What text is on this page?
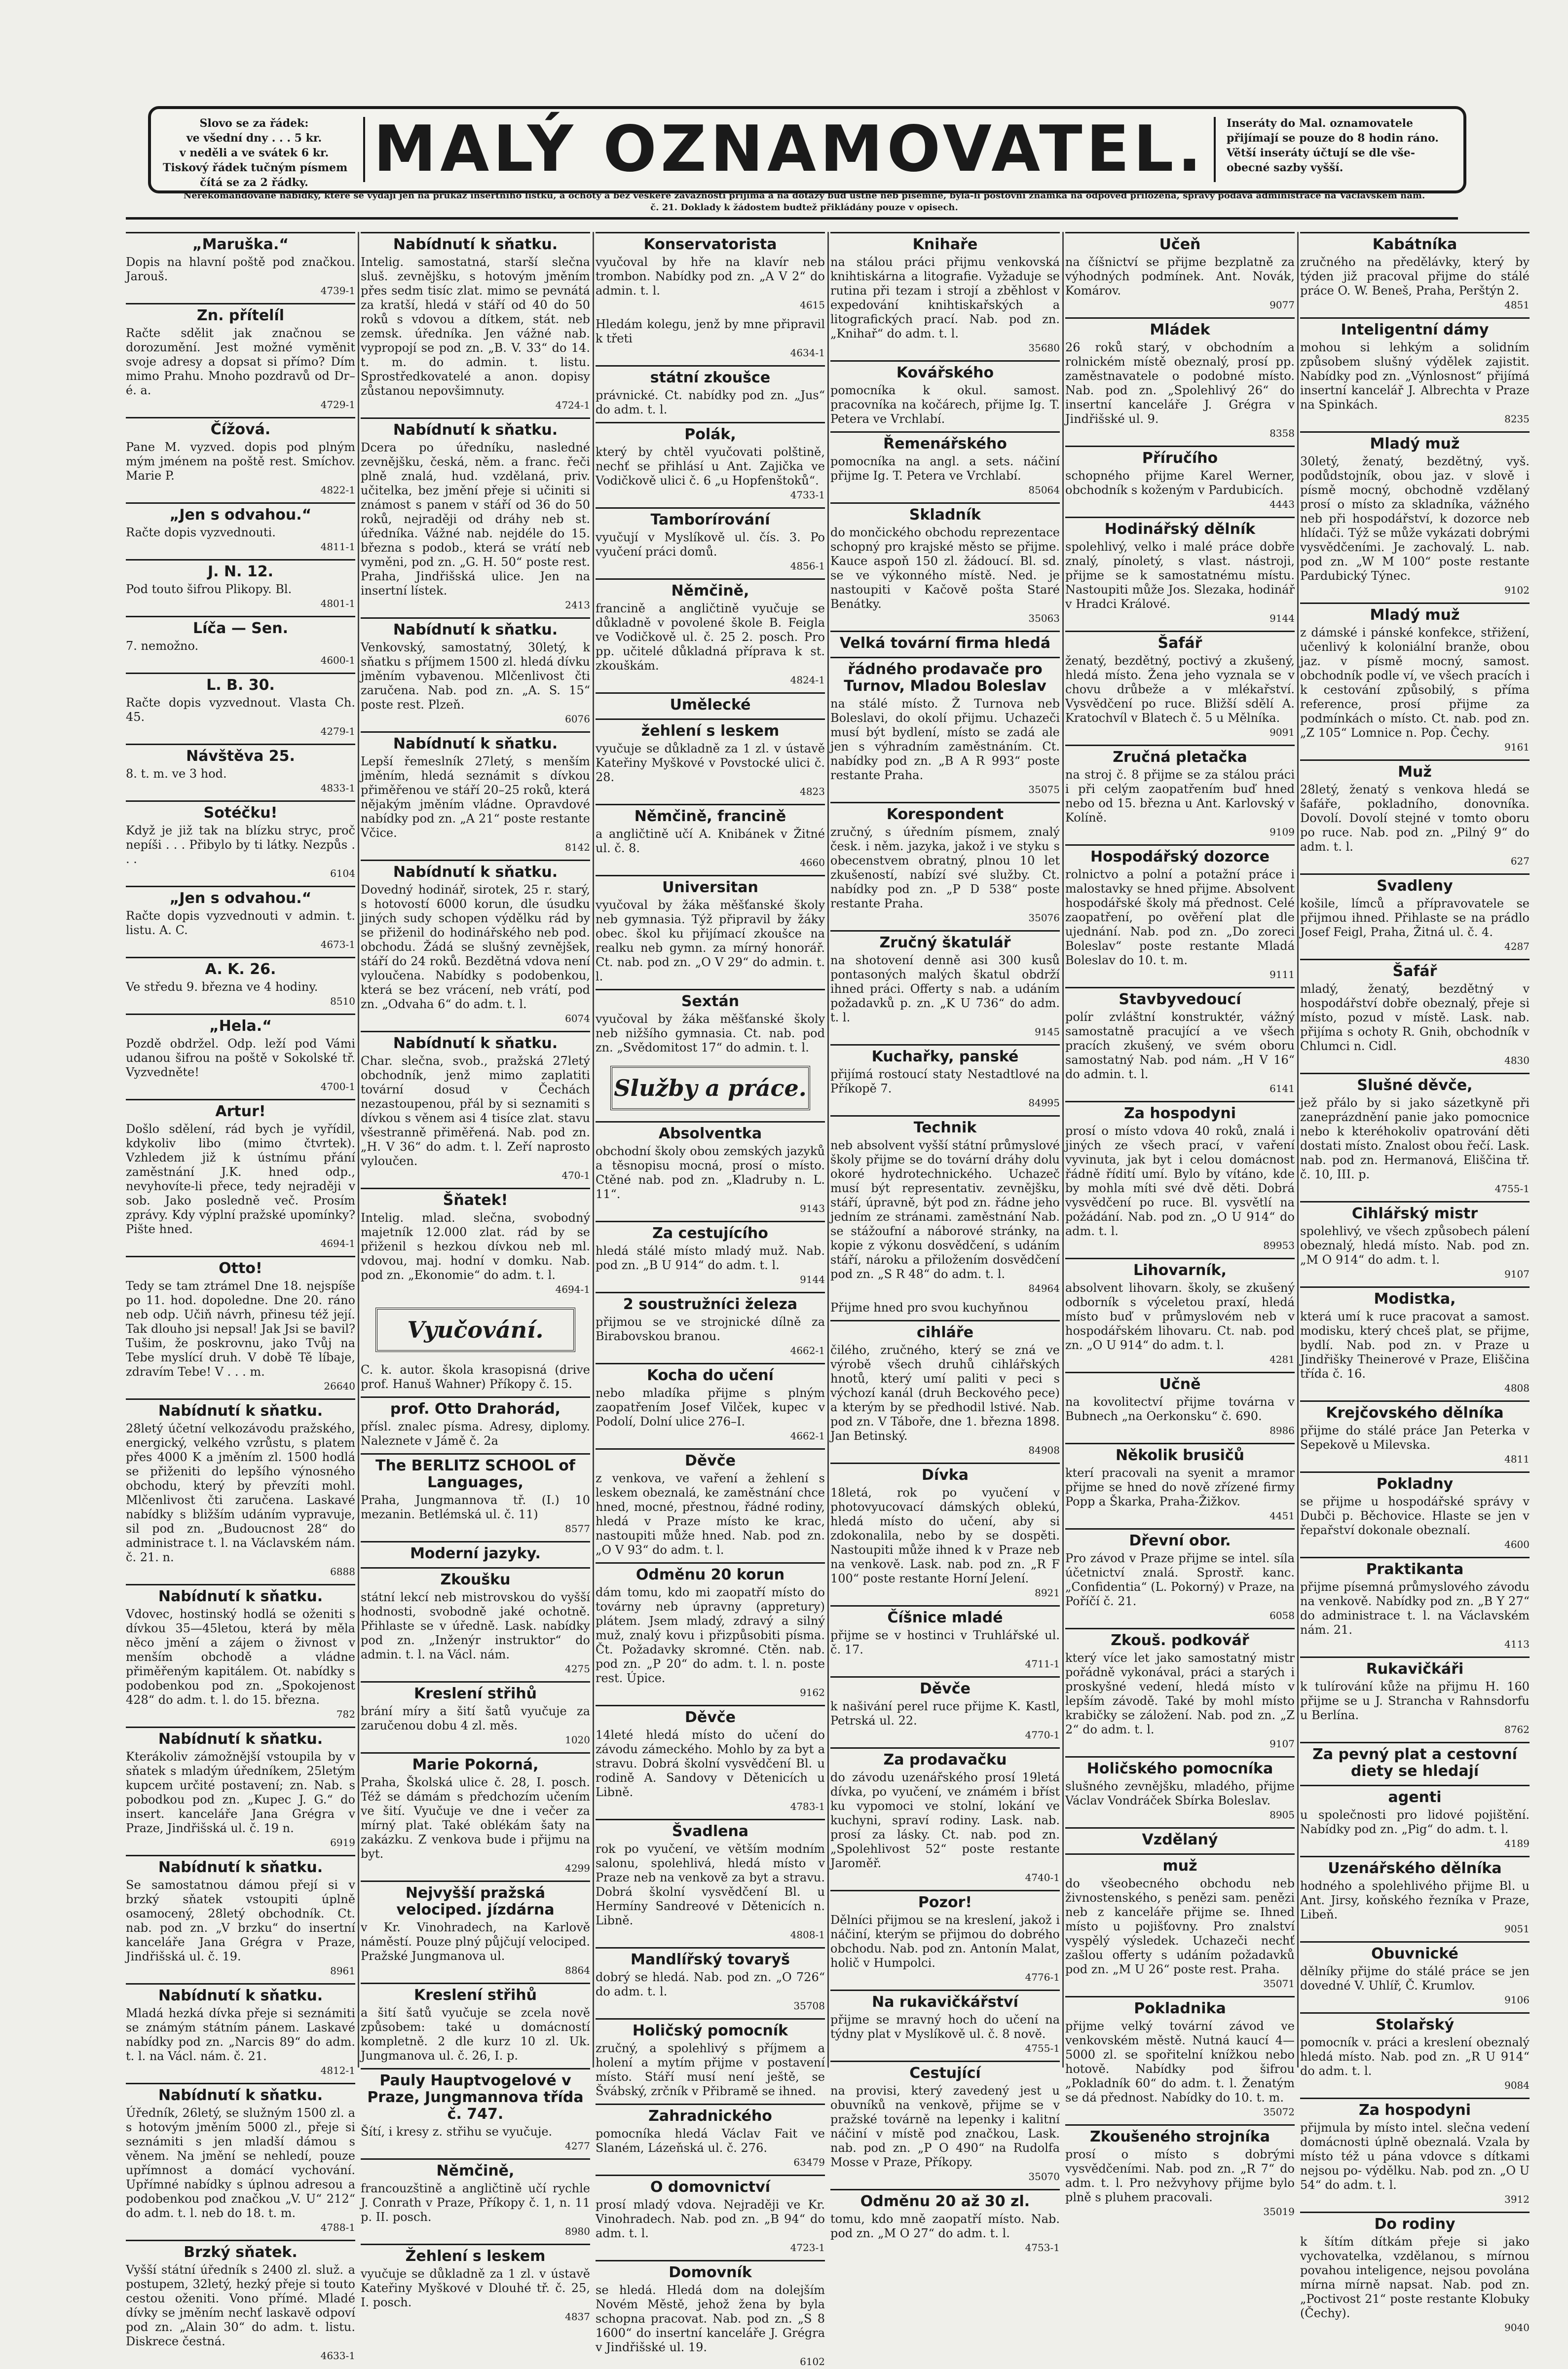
Slovo se za řádek:
ve všední dny . . . 5 kr.
v neděli a ve svátek 6 kr.
Tiskový řádek tučným písmem
čítá se za 2 řádky.	MALÝ OZNAMOVATEL.	Inseráty do Mal. oznamovatele
přijímají se pouze do 8 hodin ráno.
Větší inseráty účtují se dle vše-
obecné sazby vyšší.
Nerekomandované nabídky, které se vydají jen na průkaz insertního lístku, a ochoty a bez veškeré závaznosti přijímá a na dotazy buď ústně neb písemně, byla-li poštovní známka na odpověď přiložena, správy podává administrace na Václavském nám. č. 21. Doklady k žádostem budtež přikládány pouze v opisech.
„Maruška.“
Dopis na hlavní poště pod značkou. Jarouš.
4739-1
Zn. přítelíl
Račte sdělit jak značnou se dorozumění. Jest možné vyměnit svoje adresy a dopsat si přímo? Dím mimo Prahu. Mnoho pozdravů od Dr–é. a.
4729-1
Čížová.
Pane M. vyzved. dopis pod plným mým jménem na poště rest. Smíchov. Marie P.
4822-1
„Jen s odvahou.“
Račte dopis vyzvednouti.
4811-1
J. N. 12.
Pod touto šifrou Plikopy. Bl.
4801-1
Líča — Sen.
7. nemožno.
4600-1
L. B. 30.
Račte dopis vyzvednout. Vlasta Ch. 45.
4279-1
Návštěva 25.
8. t. m. ve 3 hod.
4833-1
Sotéčku!
Když je již tak na blízku stryc, proč nepíši . . . Přibylo by ti látky. Nezpůs . . .
6104
„Jen s odvahou.“
Račte dopis vyzvednouti v admin. t. listu. A. C.
4673-1
A. K. 26.
Ve středu 9. března ve 4 hodiny.
8510
„Hela.“
Pozdě obdržel. Odp. leží pod Vámi udanou šifrou na poště v Sokolské tř. Vyzvedněte!
4700-1
Artur!
Došlo sdělení, rád bych je vyřídil, kdykoliv libo (mimo čtvrtek). Vzhledem již k ústnímu přání zaměstnání J.K. hned odp., nevyhovíte-li přece, tedy nejraději v sob. Jako posledně več. Prosím zprávy. Kdy výplní pražské upomínky? Pište hned.
4694-1
Otto!
Tedy se tam ztrámel Dne 18. nejspíše po 11. hod. dopoledne. Dne 20. ráno neb odp. Učiň návrh, přinesu též její. Tak dlouho jsi nepsal! Jak Jsi se bavil? Tušim, že poskrovnu, jako Tvůj na Tebe myslící druh. V době Tě líbaje, zdravím Tebe! V . . . m.
26640
Nabídnutí k sňatku.
28letý účetní velkozávodu pražského, energický, velkého vzrůstu, s platem přes 4000 K a jměním zl. 1500 hodlá se přiženiti do lepšího výnosného obchodu, který by převzíti mohl. Mlčenlivost čti zaručena. Laskavé nabídky s bližším udáním vypravuje, sil pod zn. „Budoucnost 28“ do administrace t. l. na Václavském nám. č. 21. n.
6888
Nabídnutí k sňatku.
Vdovec, hostinský hodlá se oženiti s dívkou 35—45letou, která by měla něco jmění a zájem o živnost v menším obchodě a vládne přiměřeným kapitálem. Ot. nabídky s podobenkou pod zn. „Spokojenost 428“ do adm. t. l. do 15. března.
782
Nabídnutí k sňatku.
Kterákoliv zámožnější vstoupila by v sňatek s mladým úředníkem, 25letým kupcem určité postavení; zn. Nab. s pobodkou pod zn. „Kupec J. G.“ do insert. kanceláře Jana Grégra v Praze, Jindřišská ul. č. 19 n.
6919
Nabídnutí k sňatku.
Se samostatnou dámou přejí si v brzký sňatek vstoupiti úplně osamocený, 28letý obchodník. Ct. nab. pod zn. „V brzku“ do insertní kanceláře Jana Grégra v Praze, Jindřišská ul. č. 19.
8961
Nabídnutí k sňatku.
Mladá hezká dívka přeje si seznámiti se známým státním pánem. Laskavé nabídky pod zn. „Narcis 89“ do adm. t. l. na Václ. nám. č. 21.
4812-1
Nabídnutí k sňatku.
Úředník, 26letý, se služným 1500 zl. a s hotovým jměním 5000 zl., přeje si seznámiti s jen mladší dámou s věnem. Na jmění se nehledí, pouze upřímnost a domácí vychování. Upřímné nabídky s úplnou adresou a podobenkou pod značkou „V. U“ 212“ do adm. t. l. neb do 18. t. m.
4788-1
Brzký sňatek.
Vyšší státní úředník s 2400 zl. služ. a postupem, 32letý, hezký přeje si touto cestou oženiti. Vono přímé. Mladé dívky se jměním nechť laskavě odpoví pod zn. „Alain 30“ do adm. t. listu. Diskrece čestná.
4633-1
Nabídnutí k sňatku.
Intelig. samostatná, starší slečna sluš. zevnějšku, s hotovým jměním přes sedm tisíc zlat. mimo se pevnátá za kratší, hledá v stáří od 40 do 50 roků s vdovou a dítkem, stát. neb zemsk. úředníka. Jen vážné nab. vypropojí se pod zn. „B. V. 33“ do 14. t. m. do admin. t. listu. Sprostředkovatelé a anon. dopisy zůstanou nepovšimnuty.
4724-1
Nabídnutí k sňatku.
Dcera po úředníku, nasledné zevnějšku, česká, něm. a franc. řeči plně znalá, hud. vzdělaná, priv. učitelka, bez jmění přeje si učiniti si známost s panem v stáří od 36 do 50 roků, nejraději od dráhy neb st. úředníka. Vážné nab. nejdéle do 15. března s podob., která se vrátí neb vyměni, pod zn. „G. H. 50“ poste rest. Praha, Jindřišská ulice. Jen na insertní lístek.
2413
Nabídnutí k sňatku.
Venkovský, samostatný, 30letý, k sňatku s příjmem 1500 zl. hledá dívku jměním vybavenou. Mlčenlivost čti zaručena. Nab. pod zn. „A. S. 15“ poste rest. Plzeň.
6076
Nabídnutí k sňatku.
Lepší řemeslník 27letý, s menším jměním, hledá seznámit s dívkou přiměřenou ve stáří 20–25 roků, která nějakým jměním vládne. Opravdové nabídky pod zn. „A 21“ poste restante Včice.
8142
Nabídnutí k sňatku.
Dovedný hodinář, sirotek, 25 r. starý, s hotovostí 6000 korun, dle úsudku jiných sudy schopen výdělku rád by se přiženil do hodinářského neb pod. obchodu. Žádá se slušný zevnějšek, stáří do 24 roků. Bezdětná vdova není vyloučena. Nabídky s podobenkou, která se bez vrácení, neb vrátí, pod zn. „Odvaha 6“ do adm. t. l.
6074
Nabídnutí k sňatku.
Char. slečna, svob., pražská 27letý obchodník, jenž mimo zaplatiti tovární dosud v Čechách nezastoupenou, přál by si seznamiti s dívkou s věnem asi 4 tisíce zlat. stavu všestranně přiměřená. Nab. pod zn. „H. V 36“ do adm. t. l. Zeří naprosto vyloučen.
470-1
Šňatek!
Intelig. mlad. slečna, svobodný majetník 12.000 zlat. rád by se přiženil s hezkou dívkou neb ml. vdovou, maj. hodní v domku. Nab. pod zn. „Ekonomie“ do adm. t. l.
4694-1
Vyučování.
C. k. autor. škola krasopisná (drive prof. Hanuš Wahner) Příkopy č. 15.
prof. Otto Drahorád,
přísl. znalec písma. Adresy, diplomy. Naleznete v Jámě č. 2a
The BERLITZ SCHOOL of Languages,
Praha, Jungmannova tř. (I.) 10 mezanin. Betlémská ul. č. 11)
8577
Moderní jazyky.
Zkoušku
státní lekcí neb mistrovskou do vyšší hodnosti, svobodně jaké ochotně. Přihlaste se v úředně. Lask. nabídky pod zn. „Inženýr instruktor“ do admin. t. l. na Václ. nám.
4275
Kreslení střihů
brání míry a šití šatů vyučuje za zaručenou dobu 4 zl. měs.
1020
Marie Pokorná,
Praha, Školská ulice č. 28, I. posch. Též se dámám s předchozím učením ve šití. Vyučuje ve dne i večer za mírný plat. Také oblékám šaty na zakázku. Z venkova bude i přijmu na byt.
4299
Nejvyšší pražská velociped. jízdárna
v Kr. Vinohradech, na Karlově náměstí. Pouze plný půjčují velociped. Pražské Jungmanova ul.
8864
Kreslení střihů
a šití šatů vyučuje se zcela nově způsobem: také u domácností kompletně. 2 dle kurz 10 zl. Uk. Jungmanova ul. č. 26, I. p.
Pauly Hauptvogelové v Praze, Jungmannova třída č. 747.
Šítí, i kresy z. střihu se vyučuje.
4277
Němčině,
francouzštině a angličtině učí rychle J. Conrath v Praze, Příkopy č. 1, n. 11 p. II. posch.
8980
Žehlení s leskem
vyučuje se důkladně za 1 zl. v ústavě Kateřiny Myškové v Dlouhé tř. č. 25, I. posch.
4837
Konservatorista
vyučoval by hře na klavír neb trombon. Nabídky pod zn. „A V 2“ do admin. t. l.
4615
Hledám kolegu, jenž by mne připravil k třeti
4634-1
státní zkoušce
právnické. Ct. nabídky pod zn. „Jus“ do adm. t. l.
Polák,
který by chtěl vyučovati polštině, nechť se přihlásí u Ant. Zajička ve Vodičkově ulici č. 6 „u Hopfenštoků“.
4733-1
Tamborírování
vyučují v Myslíkově ul. čís. 3. Po vyučení práci domů.
4856-1
Němčině,
francině a angličtině vyučuje se důkladně v povolené škole B. Feigla ve Vodičkově ul. č. 25 2. posch. Pro pp. učitelé důkladná příprava k st. zkouškám.
4824-1
Umělecké
žehlení s leskem
vyučuje se důkladně za 1 zl. v ústavě Kateřiny Myškové v Povstocké ulici č. 28.
4823
Němčině, francině
a angličtině učí A. Knibánek v Žitné ul. č. 8.
4660
Universitan
vyučoval by žáka měšťanské školy neb gymnasia. Týž připravil by žáky obec. škol ku přijímací zkoušce na realku neb gymn. za mírný honorář. Ct. nab. pod zn. „O V 29“ do admin. t. l.
Sextán
vyučoval by žáka měšťanské školy neb nižšího gymnasia. Ct. nab. pod zn. „Svědomitost 17“ do admin. t. l.
Služby a práce.
Absolventka
obchodní školy obou zemských jazyků a těsnopisu mocná, prosí o místo. Ctěné nab. pod zn. „Kladruby n. L. 11“.
9143
Za cestujícího
hledá stálé místo mladý muž. Nab. pod zn. „B U 914“ do adm. t. l.
9144
2 soustružníci železa
přijmou se ve strojnické dílně za Birabovskou branou.
4662-1
Kocha do učení
nebo mladíka přijme s plným zaopatřením Josef Vilček, kupec v Podolí, Dolní ulice 276–I.
4662-1
Děvče
z venkova, ve vaření a žehlení s leskem obeznalá, ke zaměstnání chce hned, mocné, přestnou, řádné rodiny, hledá v Praze místo ke krac, nastoupiti může hned. Nab. pod zn. „O V 93“ do adm. t. l.
Odměnu 20 korun
dám tomu, kdo mi zaopatří místo do továrny neb úpravny (appretury) plátem. Jsem mladý, zdravý a silný muž, znalý kovu i přizpůsobiti písma. Čt. Požadavky skromné. Ctěn. nab. pod zn. „P 20“ do adm. t. l. n. poste rest. Úpice.
9162
Děvče
14leté hledá místo do učení do závodu zámeckého. Mohlo by za byt a stravu. Dobrá školní vysvědčení Bl. u rodině A. Sandovy v Dětenicích u Libně.
4783-1
Švadlena
rok po vyučení, ve větším modním salonu, spolehlivá, hledá místo v Praze neb na venkově za byt a stravu. Dobrá školní vysvědčení Bl. u Hermíny Sandreové v Dětenicích n. Libně.
4808-1
Mandlířský tovaryš
dobrý se hledá. Nab. pod zn. „O 726“ do adm. t. l.
35708
Holičský pomocník
zručný, a spolehlivý s příjmem a holení a mytím přijme v postavení místo. Stáří musí není ještě, se Švábský, zrčník v Přibramě se ihned.
Zahradnického
pomocníka hledá Václav Fait ve Slaném, Lázeňská ul. č. 276.
63479
O domovnictví
prosí mladý vdova. Nejraději ve Kr. Vinohradech. Nab. pod zn. „B 94“ do adm. t. l.
4723-1
Domovník
se hledá. Hledá dom na dolejším Novém Městě, jehož žena by byla schopna pracovat. Nab. pod zn. „S 8 1600“ do insertní kanceláře J. Grégra v Jindřišské ul. 19.
6102
Knihaře
na stálou práci přijmu venkovská knihtiskárna a litografie. Vyžaduje se rutina při tezam i strojí a zběhlost v expedování knihtiskařských a litografických prací. Nab. pod zn. „Knihař“ do adm. t. l.
35680
Kovářského
pomocníka k okul. samost. pracovníka na kočárech, přijme Ig. T. Peterа ve Vrchlabí.
Řemenářského
pomocníka na angl. a sets. náčiní přijme Ig. T. Petera ve Vrchlabí.
85064
Skladník
do mončického obchodu reprezentace schopný pro krajské město se přijme. Kauce aspoň 150 zl. žádoucí. Bl. sd. se ve výkonného místě. Ned. je nastoupiti v Kačově pošta Staré Benátky.
35063
Velká tovární firma hledá
řádného prodavače pro Turnov, Mladou Boleslav
na stálé místo. Ž Turnova neb Boleslavi, do okolí přijmu. Uchazeči musí být bydlení, místo se zadá ale jen s výhradním zaměstnáním. Ct. nabídky pod zn. „B A R 993“ poste restante Praha.
35075
Korespondent
zručný, s úředním písmem, znalý česk. i něm. jazyka, jakož i ve styku s obecenstvem obratný, plnou 10 let zkušeností, nabízí své služby. Ct. nabídky pod zn. „P D 538“ poste restante Praha.
35076
Zručný škatulář
na shotovení denně asi 300 kusů pontasoných malých škatul obdrží ihned práci. Offerty s nab. a udáním požadavků p. zn. „K U 736“ do adm. t. l.
9145
Kuchařky, panské
přijímá rostoucí staty Nestadtlové na Příkopě 7.
84995
Technik
neb absolvent vyšší státní průmyslové školy přijme se do tovární dráhy dolu okoré hydrotechnického. Uchazeč musí být representativ. zevnějšku, stáří, úpravně, být pod zn. řádne jeho jedním ze stránami. zaměstnání Nab. se stážoufní a náborové stránky, na kopie z výkonu dosvědčení, s udáním stáří, nároku a přiložením dosvědčení pod zn. „S R 48“ do adm. t. l.
84964
Přijme hned pro svou kuchyňnou
cihláře
čilého, zručného, který se zná ve výrobě všech druhů cihlářských hnotů, který umí paliti v peci s výchozí kanál (druh Beckového pece) a kterým by se předhodil lstivé. Nab. pod zn. V Táboře, dne 1. března 1898. Jan Betinský.
84908
Dívka
18letá, rok po vyučení v photovyucovací dámských oblekú, hledá místo do učení, aby si zdokonalila, nebo by se dospěti. Nastoupiti může ihned k v Praze neb na venkově. Lask. nab. pod zn. „R F 100“ poste restante Horní Jelení.
8921
Číšnice mladé
přijme se v hostinci v Truhlářské ul. č. 17.
4711-1
Děvče
k našivání perel ruce přijme K. Kastl, Petrská ul. 22.
4770-1
Za prodavačku
do závodu uzenářského prosí 19letá dívka, po vyučení, ve známém i bříst ku vypomoci ve stolní, lokání ve kuchyni, spraví rodiny. Lask. nab. prosí za lásky. Ct. nab. pod zn. „Spolehlivost 52“ poste restante Jaroměř.
4740-1
Pozor!
Dělníci přijmou se na kreslení, jakož i náčiní, kterým se přijmou do dobrého obchodu. Nab. pod zn. Antonín Malat, holič v Humpolci.
4776-1
Na rukavičkářství
přijme se mravný hoch do učení na týdny plat v Myslíkově ul. č. 8 nově.
4755-1
Cestující
na provisi, který zavedený jest u obuvníků na venkově, přijme se v pražské továrně na lepenky i kalitní náčiní v místě pod značkou, Lask. nab. pod zn. „P O 490“ na Rudolfa Mosse v Praze, Příkopy.
35070
Odměnu 20 až 30 zl.
tomu, kdo mně zaopatří místo. Nab. pod zn. „M O 27“ do adm. t. l.
4753-1
Učeň
na číšnictví se přijme bezplatně za výhodných podmínek. Ant. Novák, Komárov.
9077
Mládek
26 roků starý, v obchodním a rolnickém místě obeznalý, prosí pp. zaměstnavatele o podobné místo. Nab. pod zn. „Spolehlivý 26“ do insertní kanceláře J. Grégra v Jindřišské ul. 9.
8358
Příručího
schopného přijme Karel Werner, obchodník s koženým v Pardubicích.
4443
Hodinářský dělník
spolehlivý, velko i malé práce dobře znalý, pínoletý, s vlast. nástroji, přijme se k samostatnému místu. Nastoupiti může Jos. Slezaka, hodinář v Hradci Králové.
9144
Šafář
ženatý, bezdětný, poctivý a zkušený, hledá místo. Žena jeho vyznala se v chovu drůbeže a v mlékařství. Vysvědčení po ruce. Bližší sdělí A. Kratochvíl v Blatech č. 5 u Mělníka.
9091
Zručná pletačka
na stroj č. 8 přijme se za stálou práci i při celým zaopatřením buď hned nebo od 15. března u Ant. Karlovský v Kolíně.
9109
Hospodářský dozorce
rolnictvo a polní a potažní práce i malostavky se hned přijme. Absolvent hospodářské školy má přednost. Celé zaopatření, po ověření plat dle ujednání. Nab. pod zn. „Do zoreci Boleslav“ poste restante Mladá Boleslav do 10. t. m.
9111
Stavbyvedoucí
polír zvláštní konstruktér, vážný samostatně pracující a ve všech pracích zkušený, ve svém oboru samostatný Nab. pod nám. „H V 16“ do admin. t. l.
6141
Za hospodyni
prosí o místo vdova 40 roků, znalá i jiných ze všech prací, v vaření vyvinuta, jak byt i celou domácnost řádně řídití umí. Bylo by vítáno, kde by mohla míti své dvě děti. Dobrá vysvědčení po ruce. Bl. vysvětlí na požádání. Nab. pod zn. „O U 914“ do adm. t. l.
89953
Lihovarník,
absolvent lihovarn. školy, se zkušený odborník s výceletou praxí, hledá místo buď v průmyslovém neb v hospodářském lihovaru. Ct. nab. pod zn. „O U 914“ do adm. t. l.
4281
Učně
na kovolitectví přijme továrna v Bubnech „na Oerkonsku“ č. 690.
8986
Několik brusičů
kterí pracovali na syenit a mramor přijme se hned do nově zřízené firmy Popp a Škarka, Praha-Žižkov.
4451
Dřevní obor.
Pro závod v Praze přijme se intel. síla účetnictví znalá. Sprostř. kanc. „Confidentia“ (L. Pokorný) v Praze, na Poříčí č. 21.
6058
Zkouš. podkovář
který více let jako samostatný mistr pořádně vykonával, práci a starých i proskyšné vedení, hledá místo v lepším závodě. Také by mohl místo krabičky se záložení. Nab. pod zn. „Z 2“ do adm. t. l.
9107
Holičského pomocníka
slušného zevnějšku, mladého, přijme Václav Vondráček Sbírka Boleslav.
8905
Vzdělaný
muž
do všeobecného obchodu neb živnostenského, s penězi sam. penězi neb z kanceláře přijme se. Ihned místo u pojišťovny. Pro znalství vyspělý výsledek. Uchazeči nechť zašlou offerty s udáním požadavků pod zn. „M U 26“ poste rest. Praha.
35071
Pokladnika
přijme velký tovární závod ve venkovském městě. Nutná kaucí 4—5000 zl. se spořitelní knížkou nebo hotově. Nabídky pod šifrou „Pokladník 60“ do adm. t. l. Ženatým se dá přednost. Nabídky do 10. t. m.
35072
Zkoušeného strojníka
prosí o místo s dobrými vysvědčeními. Nab. pod zn. „R 7“ do adm. t. l. Pro nežvyhovy přijme bylo plně s pluhem pracovali.
35019
Kabátníka
zručného na předělávky, který by týden již pracoval přijme do stálé práce O. W. Beneš, Praha, Perštýn 2.
4851
Inteligentní dámy
mohou si lehkým a solidním způsobem slušný výdělek zajistit. Nabídky pod zn. „Výnlosnost“ přijímá insertní kancelář J. Albrechta v Praze na Spinkách.
8235
Mladý muž
30letý, ženatý, bezdětný, vyš. podůdstojník, obou jaz. v slově i písmě mocný, obchodně vzdělaný prosí o místo za skladníka, vážného neb při hospodářství, k dozorce neb hlídači. Týž se může vykázati dobrými vysvědčeními. Je zachovalý. L. nab. pod zn. „W M 100“ poste restante Pardubický Týnec.
9102
Mladý muž
z dámské i pánské konfekce, střižení, učenlivý k koloniální branže, obou jaz. v písmě mocný, samost. obchodník podle ví, ve všech pracích i k cestování způsobilý, s příma reference, prosí přijme za podmínkách o místo. Ct. nab. pod zn. „Z 105“ Lomnice n. Pop. Čechy.
9161
Muž
28letý, ženatý s venkova hledá se šafáře, pokladního, donovníka. Dovolí. Dovolí stejné v tomto oboru po ruce. Nab. pod zn. „Pilný 9“ do adm. t. l.
627
Svadleny
košile, límců a přípravovatele se přijmou ihned. Přihlaste se na prádlo Josef Feigl, Praha, Žitná ul. č. 4.
4287
Šafář
mladý, ženatý, bezdětný v hospodářství dobře obeznalý, přeje si místo, pozud v místě. Lask. nab. přijíma s ochoty R. Gnih, obchodník v Chlumci n. Cidl.
4830
Slušné děvče,
jež přálo by si jako sázetkyně při zaneprázdnění panie jako pomocnice nebo k kteréhokoliv opatrování děti dostati místo. Znalost obou řečí. Lask. nab. pod zn. Hermanová, Eliščina tř. č. 10, III. p.
4755-1
Cihlářský mistr
spolehlivý, ve všech způsobech pálení obeznalý, hledá místo. Nab. pod zn. „M O 914“ do adm. t. l.
9107
Modistka,
která umí k ruce pracovat a samost. modisku, který chceš plat, se přijme, bydlí. Nab. pod zn. v Praze u Jindřišky Theinerové v Praze, Eliščina třída č. 16.
4808
Krejčovského dělníka
přijme do stálé práce Jan Peterka v Sepekově u Milevska.
4811
Pokladny
se přijme u hospodářské správy v Dubči p. Běchovice. Hlaste se jen v řepařství dokonale obeznalí.
4600
Praktikanta
přijme písemná průmyslového závodu na venkově. Nabídky pod zn. „B Y 27“ do administrace t. l. na Václavském nám. 21.
4113
Rukavičkáři
k tulírování kůže na přijmu H. 160 přijme se u J. Strancha v Rahnsdorfu u Berlína.
8762
Za pevný plat a cestovní diety se hledají
agenti
u společnosti pro lidové pojištění. Nabídky pod zn. „Pig“ do adm. t. l.
4189
Uzenářského dělníka
hodného a spolehlivého přijme Bl. u Ant. Jirsy, koňského řezníka v Praze, Libeň.
9051
Obuvnické
dělníky přijme do stálé práce se jen dovedné V. Uhlíř, Č. Krumlov.
9106
Stolařský
pomocník v. práci a kreslení obeznalý hledá místo. Nab. pod zn. „R U 914“ do adm. t. l.
9084
Za hospodyni
přijmula by místo intel. slečna vedení domácnosti úplně obeznalá. Vzala by místo též u pána vdovce s dítkami nejsou po- výdělku. Nab. pod zn. „O U 54“ do adm. t. l.
3912
Do rodiny
k šítím dítkám přeje si jako vychovatelka, vzdělanou, s mírnou povahou inteligence, nejsou povolána mírna mírně napsat. Nab. pod zn. „Poctivost 21“ poste restante Klobuky (Čechy).
9040
